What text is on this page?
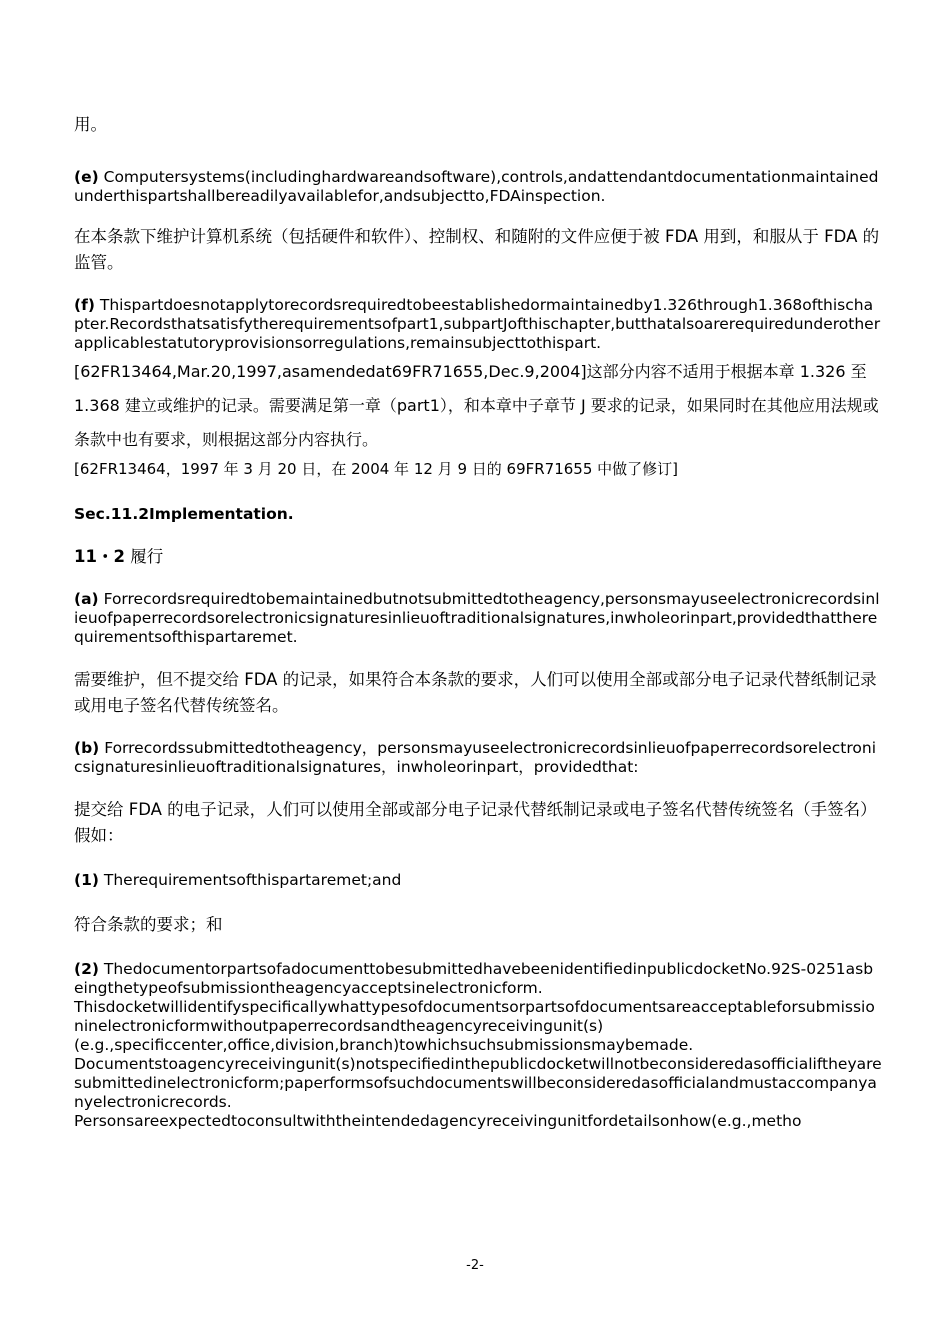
用。

(e) Computersystems(includinghardwareandsoftware),controls,andattendantdocumentationmaintainedunderthispartshallbereadilyavailablefor,andsubjectto,FDAinspection.

在本条款下维护计算机系统（包括硬件和软件）、控制权、和随附的文件应便于被 FDA 用到，和服从于 FDA 的监管。

(f) Thispartdoesnotapplytorecordsrequiredtobeestablishedormaintainedby1.326through1.368ofthischapter.Recordsthatsatisfytherequirementsofpart1,subpartJofthischapter,butthatalsoarerequiredunderotherapplicablestatutoryprovisionsorregulations,remainsubjecttothispart.

[62FR13464,Mar.20,1997,asamendedat69FR71655,Dec.9,2004]这部分内容不适用于根据本章 1.326 至 1.368 建立或维护的记录。需要满足第一章（part1），和本章中子章节 J 要求的记录，如果同时在其他应用法规或条款中也有要求，则根据这部分内容执行。

[62FR13464，1997 年 3 月 20 日，在 2004 年 12 月 9 日的 69FR71655 中做了修订]

Sec.11.2Implementation.

11・2 履行

(a) Forrecordsrequiredtobemaintainedbutnotsubmittedtotheagency,personsmayuseelectronicrecordsinlieuofpaperrecordsorelectronicsignaturesinlieuoftraditionalsignatures,inwholeorinpart,providedthattherequirementsofthispartaremet.

需要维护，但不提交给 FDA 的记录，如果符合本条款的要求，人们可以使用全部或部分电子记录代替纸制记录或用电子签名代替传统签名。

(b) Forrecordssubmittedtotheagency，personsmayuseelectronicrecordsinlieuofpaperrecordsorelectronicsignaturesinlieuoftraditionalsignatures，inwholeorinpart，providedthat:

提交给 FDA 的电子记录，人们可以使用全部或部分电子记录代替纸制记录或电子签名代替传统签名（手签名）假如：

(1) Therequirementsofthispartaremet;and

符合条款的要求；和

(2) ThedocumentorpartsofadocumenttobesubmittedhavebeenidentifiedinpublicdocketNo.92S-0251asbeingthetypeofsubmissiontheagencyacceptsinelectronicform.

Thisdocketwillidentifyspecificallywhattypesofdocumentsorpartsofdocumentsareacceptableforsubmissioninelectronicformwithoutpaperrecordsandtheagencyreceivingunit(s)

(e.g.,specificcenter,office,division,branch)towhichsuchsubmissionsmaybemade.

Documentstoagencyreceivingunit(s)notspecifiedinthepublicdocketwillnotbeconsideredasofficialiftheyaresubmittedinelectronicform;paperformsofsuchdocumentswillbeconsideredasofficialandmustaccompanyanyelectronicrecords.

Personsareexpectedtoconsultwiththeintendedagencyreceivingunitfordetailsonhow(e.g.,metho

-2-
